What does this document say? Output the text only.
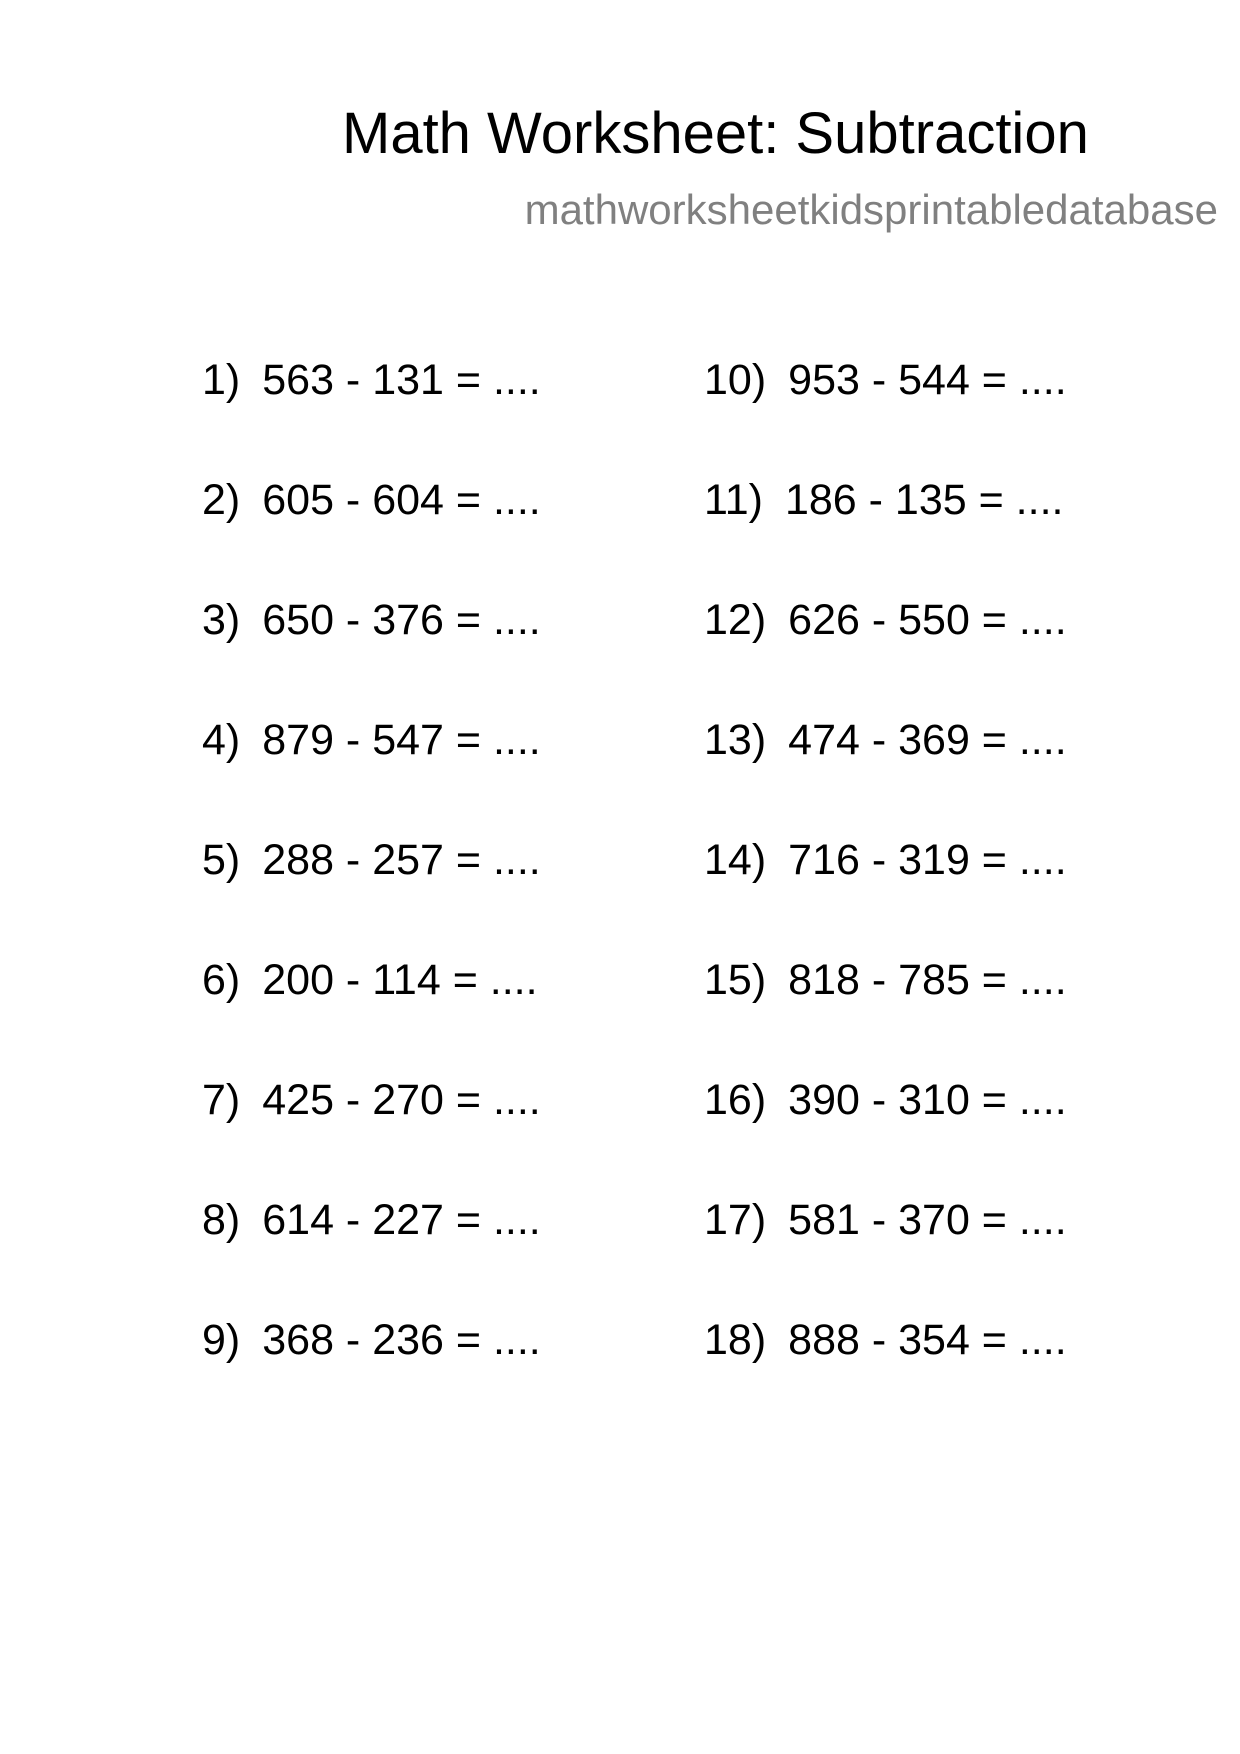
Math Worksheet: Subtraction
mathworksheetkidsprintabledatabase
1) 563 - 131 = ....
2) 605 - 604 = ....
3) 650 - 376 = ....
4) 879 - 547 = ....
5) 288 - 257 = ....
6) 200 - 114 = ....
7) 425 - 270 = ....
8) 614 - 227 = ....
9) 368 - 236 = ....
10) 953 - 544 = ....
11) 186 - 135 = ....
12) 626 - 550 = ....
13) 474 - 369 = ....
14) 716 - 319 = ....
15) 818 - 785 = ....
16) 390 - 310 = ....
17) 581 - 370 = ....
18) 888 - 354 = ....
